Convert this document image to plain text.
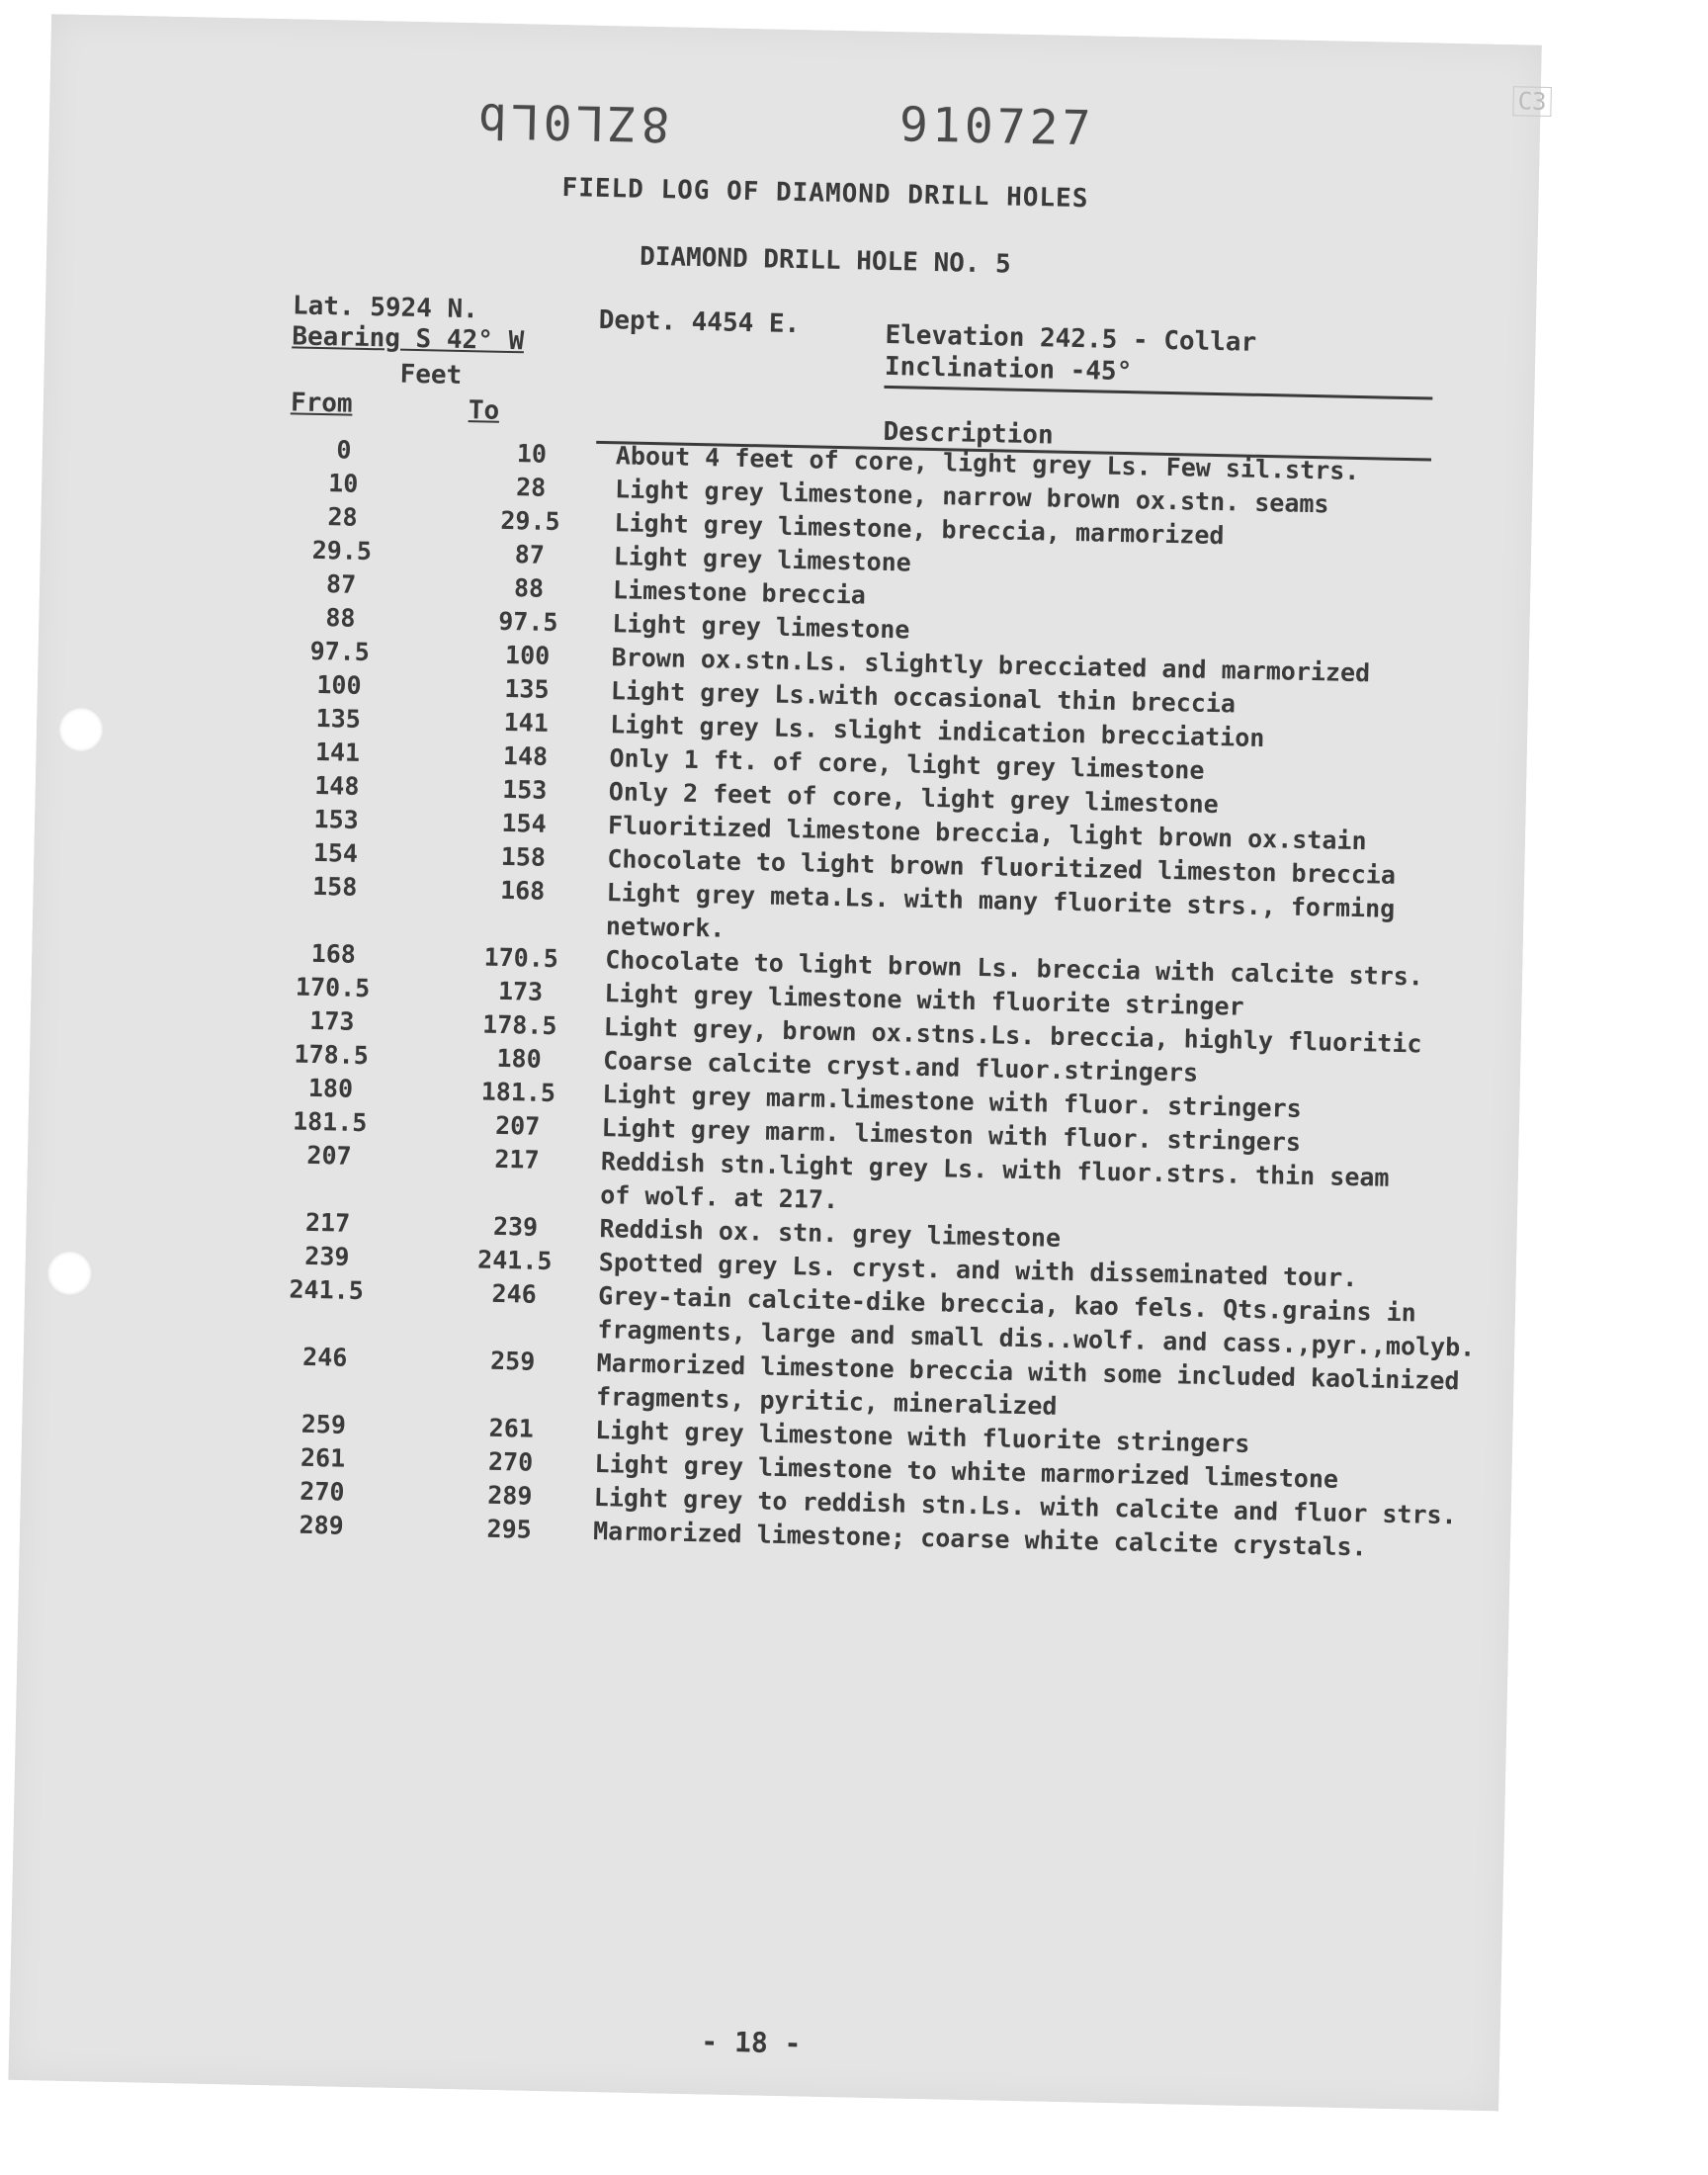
8ZL0Lb	910727	C3
FIELD LOG OF DIAMOND DRILL HOLES
DIAMOND DRILL HOLE NO. 5
Lat. 5924 N.	Dept. 4454 E.	Elevation 242.5 - Collar
Bearing S 42° W
Inclination -45°
Feet
From	To
Description
0	10	About 4 feet of core, light grey Ls. Few sil.strs.
10	28	Light grey limestone, narrow brown ox.stn. seams
28	29.5	Light grey limestone, breccia, marmorized
29.5	87	Light grey limestone
87	88	Limestone breccia
88	97.5	Light grey limestone
97.5	100	Brown ox.stn.Ls. slightly brecciated and marmorized
100	135	Light grey Ls.with occasional thin breccia
135	141	Light grey Ls. slight indication brecciation
141	148	Only 1 ft. of core, light grey limestone
148	153	Only 2 feet of core, light grey limestone
153	154	Fluoritized limestone breccia, light brown ox.stain
154	158	Chocolate to light brown fluoritized limeston breccia
158	168	Light grey meta.Ls. with many fluorite strs., forming
network.
168	170.5	Chocolate to light brown Ls. breccia with calcite strs.
170.5	173	Light grey limestone with fluorite stringer
173	178.5	Light grey, brown ox.stns.Ls. breccia, highly fluoritic
178.5	180	Coarse calcite cryst.and fluor.stringers
180	181.5	Light grey marm.limestone with fluor. stringers
181.5	207	Light grey marm. limeston with fluor. stringers
207	217	Reddish stn.light grey Ls. with fluor.strs. thin seam
of wolf. at 217.
217	239	Reddish ox. stn. grey limestone
239	241.5	Spotted grey Ls. cryst. and with disseminated tour.
241.5	246	Grey-tain calcite-dike breccia, kao fels. Qts.grains in
fragments, large and small dis..wolf. and cass.,pyr.,molyb.
246	259	Marmorized limestone breccia with some included kaolinized
fragments, pyritic, mineralized
259	261	Light grey limestone with fluorite stringers
261	270	Light grey limestone to white marmorized limestone
270	289	Light grey to reddish stn.Ls. with calcite and fluor strs.
289	295	Marmorized limestone; coarse white calcite crystals.
- 18 -
